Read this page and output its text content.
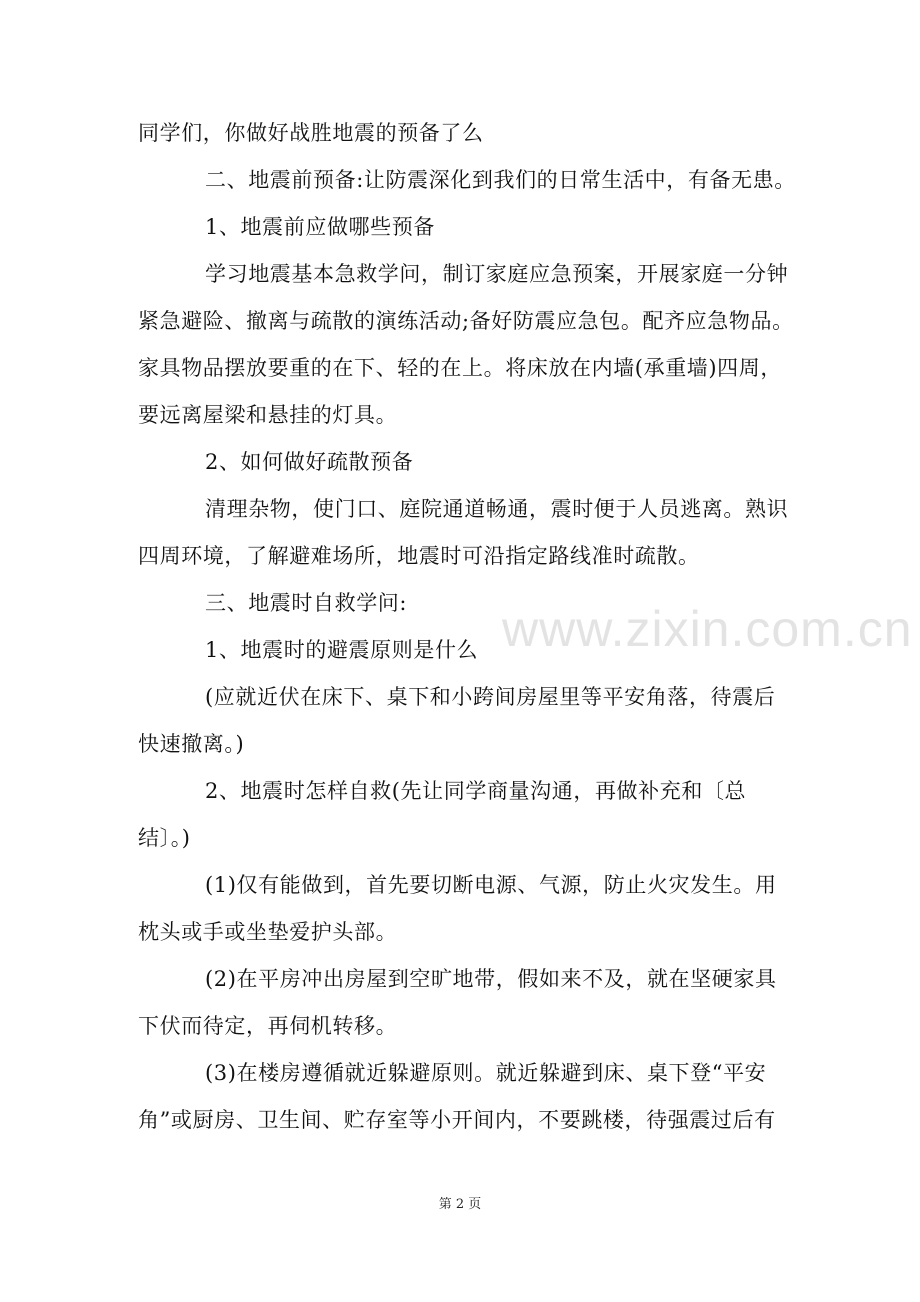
www.zixin.com.cn
同学们，你做好战胜地震的预备了么
二、地震前预备:让防震深化到我们的日常生活中，有备无患。
1、地震前应做哪些预备
学习地震基本急救学问，制订家庭应急预案，开展家庭一分钟
紧急避险、撤离与疏散的演练活动;备好防震应急包。配齐应急物品。
家具物品摆放要重的在下、轻的在上。将床放在内墙(承重墙)四周，
要远离屋梁和悬挂的灯具。
2、如何做好疏散预备
清理杂物，使门口、庭院通道畅通，震时便于人员逃离。熟识
四周环境，了解避难场所，地震时可沿指定路线准时疏散。
三、地震时自救学问:
1、地震时的避震原则是什么
(应就近伏在床下、桌下和小跨间房屋里等平安角落，待震后
快速撤离。)
2、地震时怎样自救(先让同学商量沟通，再做补充和〔总
结〕。)
(1)仅有能做到，首先要切断电源、气源，防止火灾发生。用
枕头或手或坐垫爱护头部。
(2)在平房冲出房屋到空旷地带，假如来不及，就在坚硬家具
下伏而待定，再伺机转移。
(3)在楼房遵循就近躲避原则。就近躲避到床、桌下登“平安
角”或厨房、卫生间、贮存室等小开间内，不要跳楼，待强震过后有
第 2 页
